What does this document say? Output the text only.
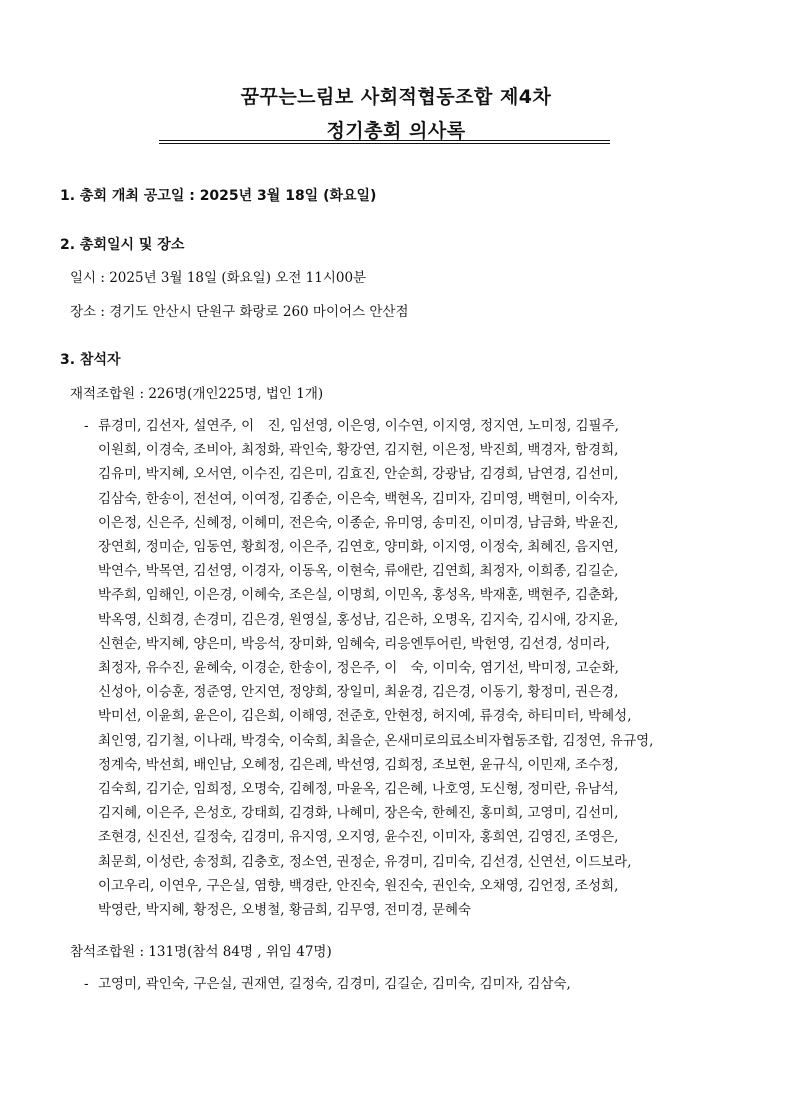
꿈꾸는느림보 사회적협동조합 제4차
정기총회 의사록
1. 총회 개최 공고일 : 2025년 3월 18일 (화요일)
2. 총회일시 및 장소
일시 : 2025년 3월 18일 (화요일) 오전 11시00분
장소 : 경기도 안산시 단원구 화랑로 260 마이어스 안산점
3. 참석자
재적조합원 : 226명(개인225명, 법인 1개)
- 류경미, 김선자, 설연주, 이　진, 임선영, 이은영, 이수연, 이지영, 정지연, 노미정, 김필주,
이원희, 이경숙, 조비아, 최정화, 곽인숙, 황강연, 김지현, 이은정, 박진희, 백경자, 함경희,
김유미, 박지혜, 오서연, 이수진, 김은미, 김효진, 안순희, 강광남, 김경희, 남연경, 김선미,
김삼숙, 한송이, 전선여, 이여정, 김종순, 이은숙, 백현옥, 김미자, 김미영, 백현미, 이숙자,
이은정, 신은주, 신혜정, 이혜미, 전은숙, 이종순, 유미영, 송미진, 이미경, 남금화, 박윤진,
장연희, 정미순, 임동연, 황희정, 이은주, 김연호, 양미화, 이지영, 이정숙, 최혜진, 음지연,
박연수, 박목연, 김선영, 이경자, 이동옥, 이현숙, 류애란, 김연희, 최정자, 이희종, 김길순,
박주희, 임해인, 이은경, 이혜숙, 조은실, 이명희, 이민옥, 홍성옥, 박재훈, 백현주, 김춘화,
박옥영, 신희경, 손경미, 김은경, 원영실, 홍성남, 김은하, 오명옥, 김지숙, 김시애, 강지윤,
신현순, 박지혜, 양은미, 박응석, 장미화, 임혜숙, 리응엔투어린, 박헌영, 김선경, 성미라,
최정자, 유수진, 윤혜숙, 이경순, 한송이, 정은주, 이　숙, 이미숙, 염기선, 박미정, 고순화,
신성아, 이승훈, 정준영, 안지연, 정양희, 장일미, 최윤경, 김은경, 이동기, 황정미, 권은경,
박미선, 이윤희, 윤은이, 김은희, 이해영, 전준호, 안현정, 허지예, 류경숙, 하티미터, 박혜성,
최인영, 김기철, 이나래, 박경숙, 이숙희, 최을순, 온새미로의료소비자협동조합, 김정연, 유규영,
정계숙, 박선희, 배인남, 오혜정, 김은례, 박선영, 김희정, 조보현, 윤규식, 이민재, 조수정,
김숙희, 김기순, 임희정, 오명숙, 김혜정, 마윤옥, 김은혜, 나호영, 도신형, 정미란, 유남석,
김지혜, 이은주, 은성호, 강태희, 김경화, 나혜미, 장은숙, 한혜진, 홍미희, 고영미, 김선미,
조현경, 신진선, 길정숙, 김경미, 유지영, 오지영, 윤수진, 이미자, 홍희연, 김영진, 조영은,
최문희, 이성란, 송정희, 김충호, 정소연, 권정순, 유경미, 김미숙, 김선경, 신연선, 이드보라,
이고우리, 이연우, 구은실, 염향, 백경란, 안진숙, 원진숙, 권인숙, 오채영, 김언정, 조성희,
박영란, 박지혜, 황정은, 오병철, 황금희, 김무영, 전미경, 문혜숙
참석조합원 : 131명(참석 84명 , 위임 47명)
- 고영미, 곽인숙, 구은실, 권재연, 길정숙, 김경미, 김길순, 김미숙, 김미자, 김삼숙,
